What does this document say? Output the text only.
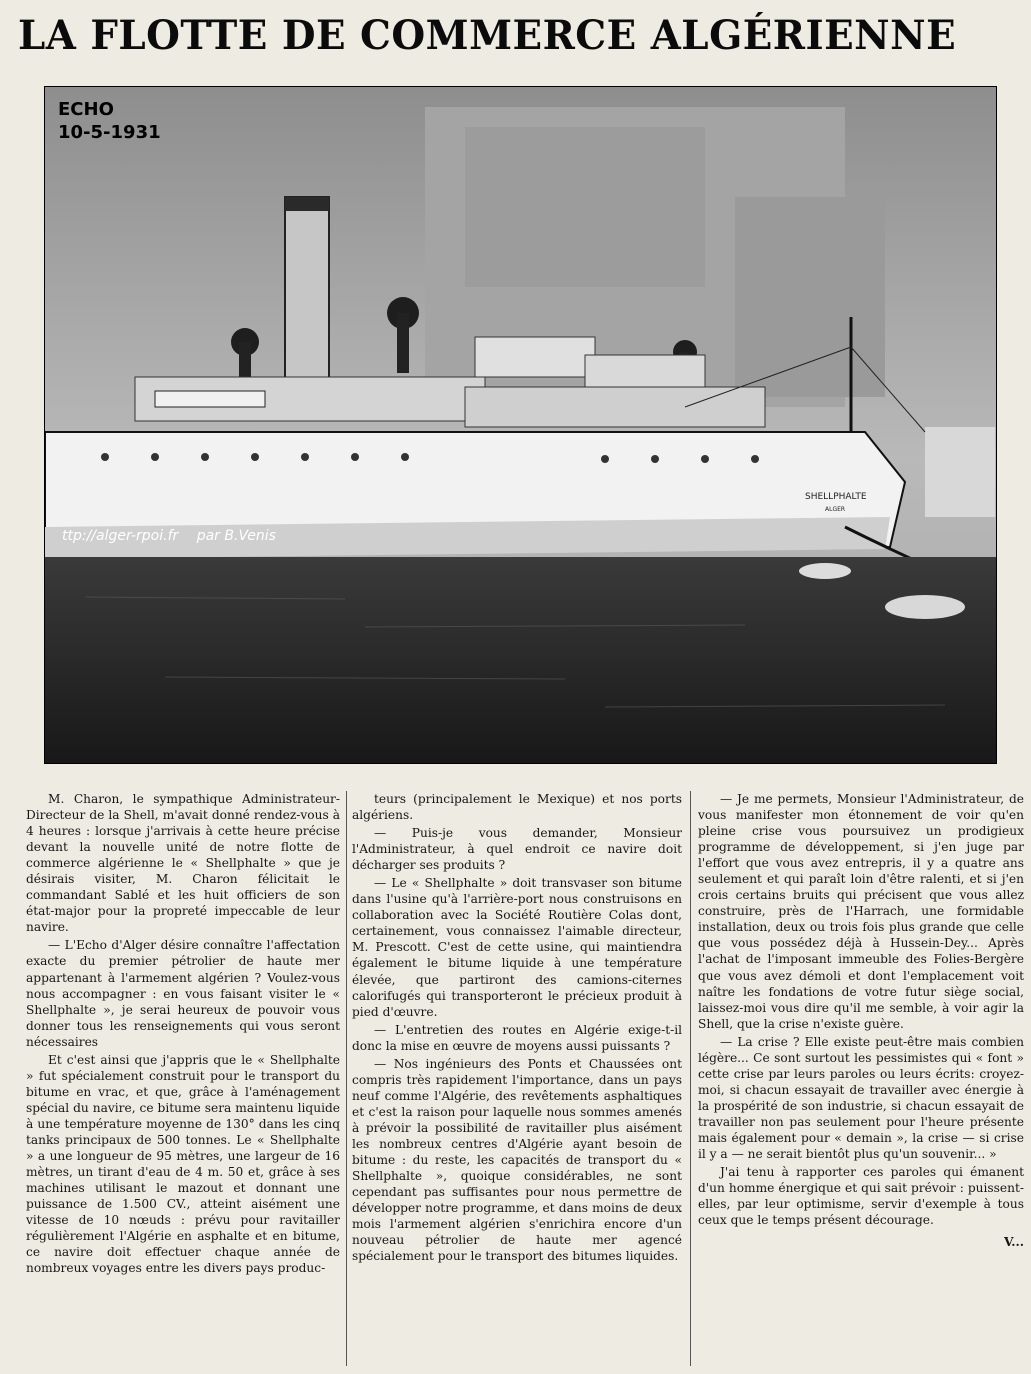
LA FLOTTE DE COMMERCE ALGÉRIENNE
SHELLPHALTE
ALGER
ECHO
10-5-1931
ttp://alger-rpoi.fr par B.Venis

M. Charon, le sympathique Administrateur-Directeur de la Shell, m'avait donné rendez-vous à 4 heures : lorsque j'arrivais à cette heure précise devant la nouvelle unité de notre flotte de commerce algérienne le « Shellphalte » que je désirais visiter, M. Charon félicitait le commandant Sablé et les huit officiers de son état-major pour la propreté impeccable de leur navire.

— L'Echo d'Alger désire connaître l'affectation exacte du premier pétrolier de haute mer appartenant à l'armement algérien ? Voulez-vous nous accompagner : en vous faisant visiter le « Shellphalte », je serai heureux de pouvoir vous donner tous les renseignements qui vous seront nécessaires

Et c'est ainsi que j'appris que le « Shellphalte » fut spécialement construit pour le transport du bitume en vrac, et que, grâce à l'aménagement spécial du navire, ce bitume sera maintenu liquide à une température moyenne de 130° dans les cinq tanks principaux de 500 tonnes. Le « Shellphalte » a une longueur de 95 mètres, une largeur de 16 mètres, un tirant d'eau de 4 m. 50 et, grâce à ses machines utilisant le mazout et donnant une puissance de 1.500 CV., atteint aisément une vitesse de 10 nœuds : prévu pour ravitailler régulièrement l'Algérie en asphalte et en bitume, ce navire doit effectuer chaque année de nombreux voyages entre les divers pays produc-

teurs (principalement le Mexique) et nos ports algériens.

— Puis-je vous demander, Monsieur l'Administrateur, à quel endroit ce navire doit décharger ses produits ?

— Le « Shellphalte » doit transvaser son bitume dans l'usine qu'à l'arrière-port nous construisons en collaboration avec la Société Routière Colas dont, certainement, vous connaissez l'aimable directeur, M. Prescott. C'est de cette usine, qui maintiendra également le bitume liquide à une température élevée, que partiront des camions-citernes calorifugés qui transporteront le précieux produit à pied d'œuvre.

— L'entretien des routes en Algérie exige-t-il donc la mise en œuvre de moyens aussi puissants ?

— Nos ingénieurs des Ponts et Chaussées ont compris très rapidement l'importance, dans un pays neuf comme l'Algérie, des revêtements asphaltiques et c'est la raison pour laquelle nous sommes amenés à prévoir la possibilité de ravitailler plus aisément les nombreux centres d'Algérie ayant besoin de bitume : du reste, les capacités de transport du « Shellphalte », quoique considérables, ne sont cependant pas suffisantes pour nous permettre de développer notre programme, et dans moins de deux mois l'armement algérien s'enrichira encore d'un nouveau pétrolier de haute mer agencé spécialement pour le transport des bitumes liquides.

— Je me permets, Monsieur l'Administrateur, de vous manifester mon étonnement de voir qu'en pleine crise vous poursuivez un prodigieux programme de développement, si j'en juge par l'effort que vous avez entrepris, il y a quatre ans seulement et qui paraît loin d'être ralenti, et si j'en crois certains bruits qui précisent que vous allez construire, près de l'Harrach, une formidable installation, deux ou trois fois plus grande que celle que vous possédez déjà à Hussein-Dey... Après l'achat de l'imposant immeuble des Folies-Bergère que vous avez démoli et dont l'emplacement voit naître les fondations de votre futur siège social, laissez-moi vous dire qu'il me semble, à voir agir la Shell, que la crise n'existe guère.

— La crise ? Elle existe peut-être mais combien légère... Ce sont surtout les pessimistes qui « font » cette crise par leurs paroles ou leurs écrits: croyez-moi, si chacun essayait de travailler avec énergie à la prospérité de son industrie, si chacun essayait de travailler non pas seulement pour l'heure présente mais également pour « demain », la crise — si crise il y a — ne serait bientôt plus qu'un souvenir... »

J'ai tenu à rapporter ces paroles qui émanent d'un homme énergique et qui sait prévoir : puissent-elles, par leur optimisme, servir d'exemple à tous ceux que le temps présent décourage.

V...
